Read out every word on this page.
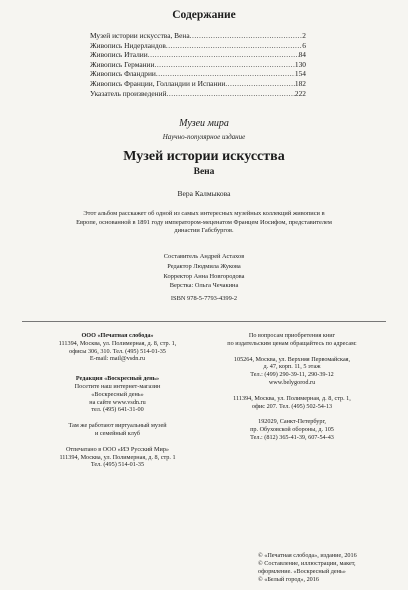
Содержание
Музей истории искусства, Вена .....	2
Живопись Нидерландов .....	6
Живопись Италии .....	84
Живопись Германии .....	130
Живопись Фландрии .....	154
Живопись Франции, Голландии и Испании .....	182
Указатель произведений .....	222
Музеи мира
Научно-популярное издание
Музей истории искусства
Вена
Вера Калмыкова
Этот альбом расскажет об одной из самых интересных музейных коллекций живописи в Европе, основанной в 1891 году императором-меценатом Францем Иосифом, представителем династии Габсбургов.
Составитель Андрей Астахов
Редактор Людмила Жукова
Корректор Анна Новгородова
Верстка: Ольга Чечакина
ISBN 978-5-7793-4399-2

ООО «Печатная слобода»

111394, Москва, ул. Полимерная, д. 8, стр. 1,

офисы 306, 310. Тел. (495) 514-01-35

E-mail: mail@vsdn.ru

Редакция «Воскресный день»

Посетите наш интернет-магазин

«Воскресный день»

на сайте www.vsdn.ru

тел. (495) 641-31-00

Там же работают виртуальный музей

и семейный клуб

Отпечатано в ООО «ИЭ Русский Мир»

111394, Москва, ул. Полимерная, д. 8, стр. 1

Тел. (495) 514-01-35

По вопросам приобретения книг

по издательским ценам обращайтесь по адресам:

105264, Москва, ул. Верхняя Первомайская,

д. 47, корп. 11, 5 этаж

Тел.: (499) 290-39-11, 290-39-12

www.belygorod.ru

111394, Москва, ул. Полимерная, д. 8, стр. 1,

офис 207. Тел. (495) 502-54-13

192029, Санкт-Петербург,

пр. Обуховской обороны, д. 105

Тел.: (812) 365-41-39, 607-54-43

© «Печатная слобода», издание, 2016

© Составление, иллюстрации, макет,

оформление. «Воскресный день»

© «Белый город», 2016
